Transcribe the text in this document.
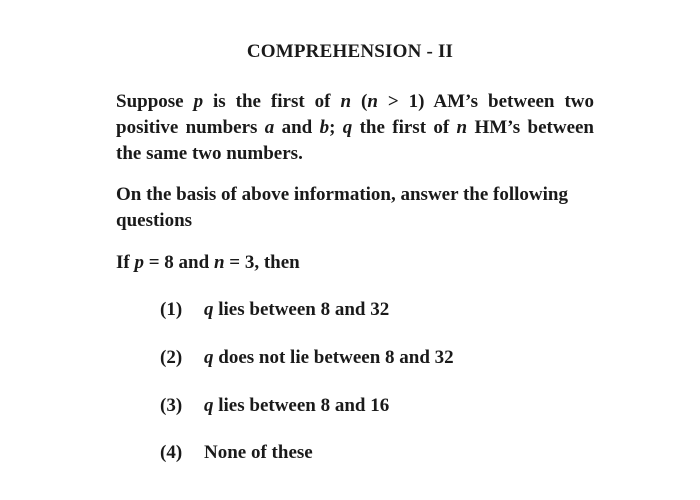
COMPREHENSION - II
Suppose p is the first of n (n > 1) AM’s between two positive numbers a and b; q the first of n HM’s between the same two numbers.
On the basis of above information, answer the following questions
If p = 8 and n = 3, then
(1) q lies between 8 and 32
(2) q does not lie between 8 and 32
(3) q lies between 8 and 16
(4) None of these
